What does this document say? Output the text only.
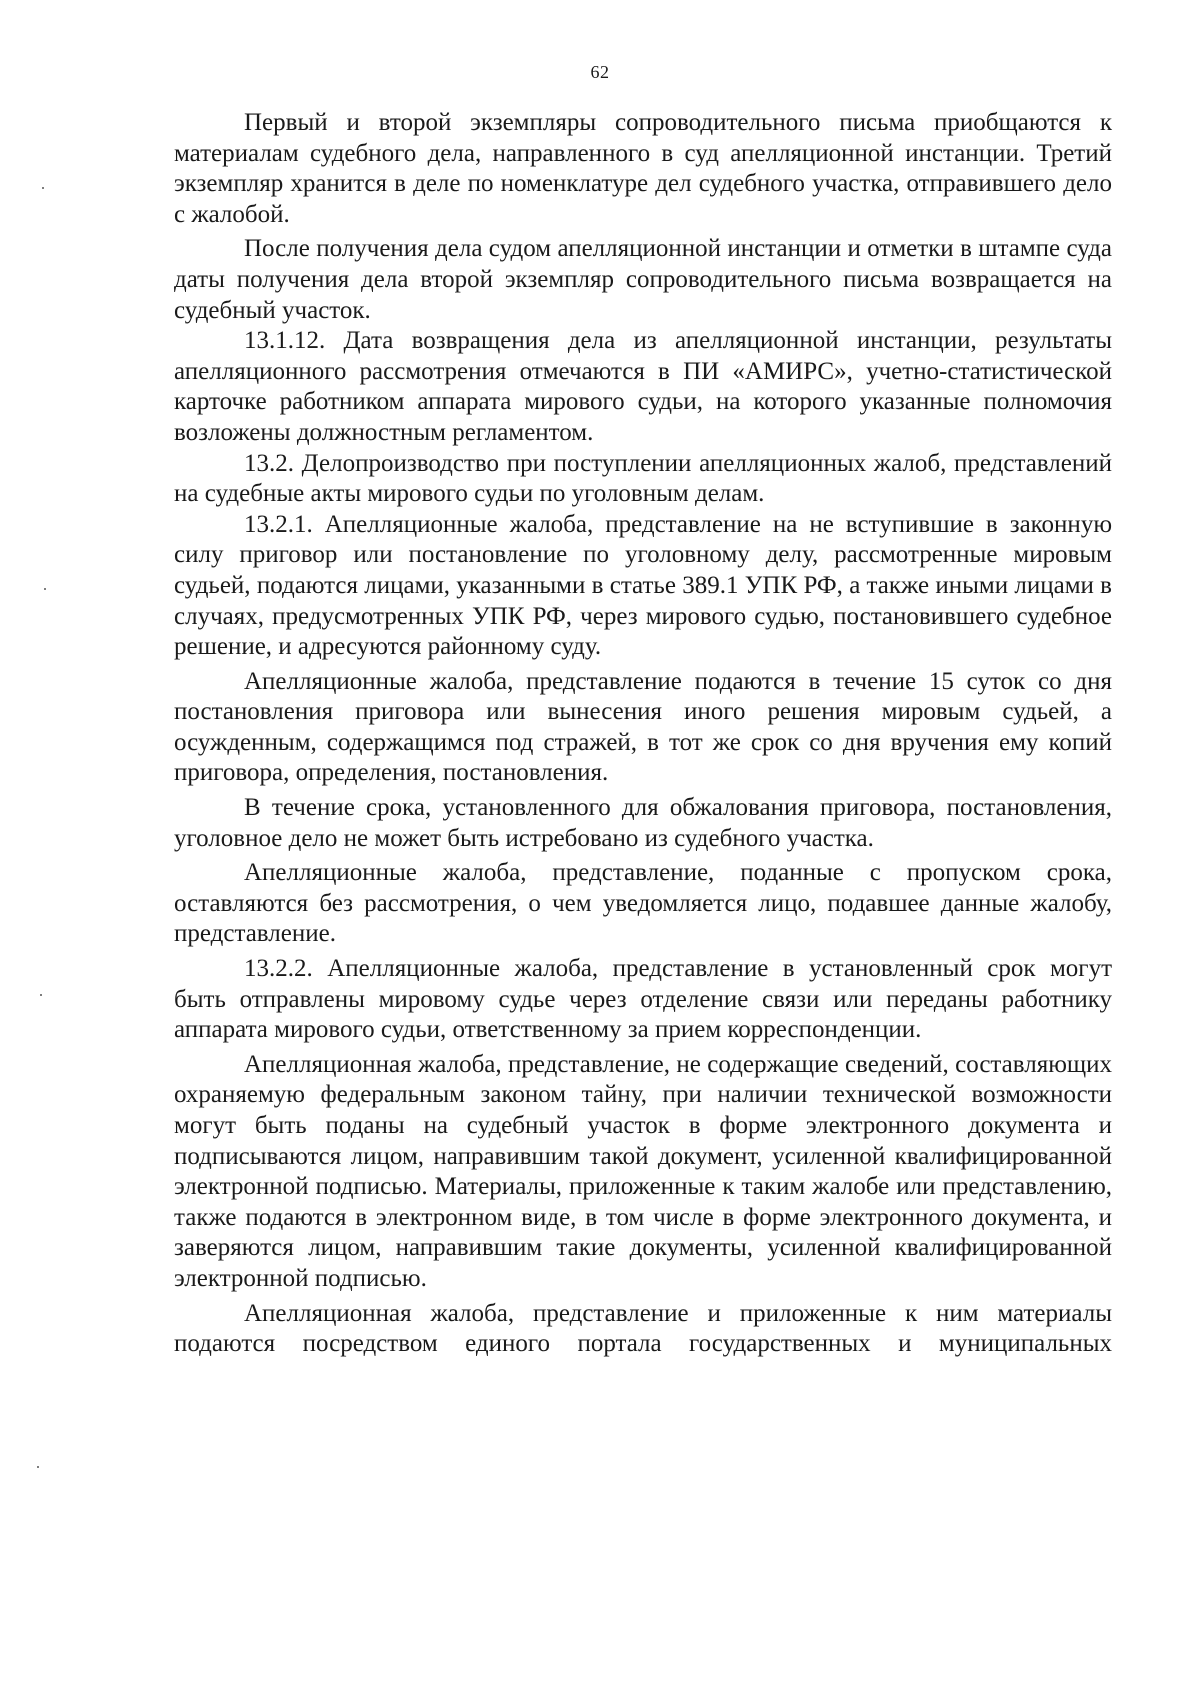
62

Первый и второй экземпляры сопроводительного письма приобщаются к материалам судебного дела, направленного в суд апелляционной инстанции. Третий экземпляр хранится в деле по номенклатуре дел судебного участка, отправившего дело с жалобой.

После получения дела судом апелляционной инстанции и отметки в штампе суда даты получения дела второй экземпляр сопроводительного письма возвращается на судебный участок.

13.1.12. Дата возвращения дела из апелляционной инстанции, результаты апелляционного рассмотрения отмечаются в ПИ «АМИРС», учетно-статистической карточке работником аппарата мирового судьи, на которого указанные полномочия возложены должностным регламентом.

13.2. Делопроизводство при поступлении апелляционных жалоб, представлений на судебные акты мирового судьи по уголовным делам.

13.2.1. Апелляционные жалоба, представление на не вступившие в законную силу приговор или постановление по уголовному делу, рассмотренные мировым судьей, подаются лицами, указанными в статье 389.1 УПК РФ, а также иными лицами в случаях, предусмотренных УПК РФ, через мирового судью, постановившего судебное решение, и адресуются районному суду.

Апелляционные жалоба, представление подаются в течение 15 суток со дня постановления приговора или вынесения иного решения мировым судьей, а осужденным, содержащимся под стражей, в тот же срок со дня вручения ему копий приговора, определения, постановления.

В течение срока, установленного для обжалования приговора, постановления, уголовное дело не может быть истребовано из судебного участка.

Апелляционные жалоба, представление, поданные с пропуском срока, оставляются без рассмотрения, о чем уведомляется лицо, подавшее данные жалобу, представление.

13.2.2. Апелляционные жалоба, представление в установленный срок могут быть отправлены мировому судье через отделение связи или переданы работнику аппарата мирового судьи, ответственному за прием корреспонденции.

Апелляционная жалоба, представление, не содержащие сведений, составляющих охраняемую федеральным законом тайну, при наличии технической возможности могут быть поданы на судебный участок в форме электронного документа и подписываются лицом, направившим такой документ, усиленной квалифицированной электронной подписью. Материалы, приложенные к таким жалобе или представлению, также подаются в электронном виде, в том числе в форме электронного документа, и заверяются лицом, направившим такие документы, усиленной квалифицированной электронной подписью.

Апелляционная жалоба, представление и приложенные к ним материалы подаются посредством единого портала государственных и муниципальных
